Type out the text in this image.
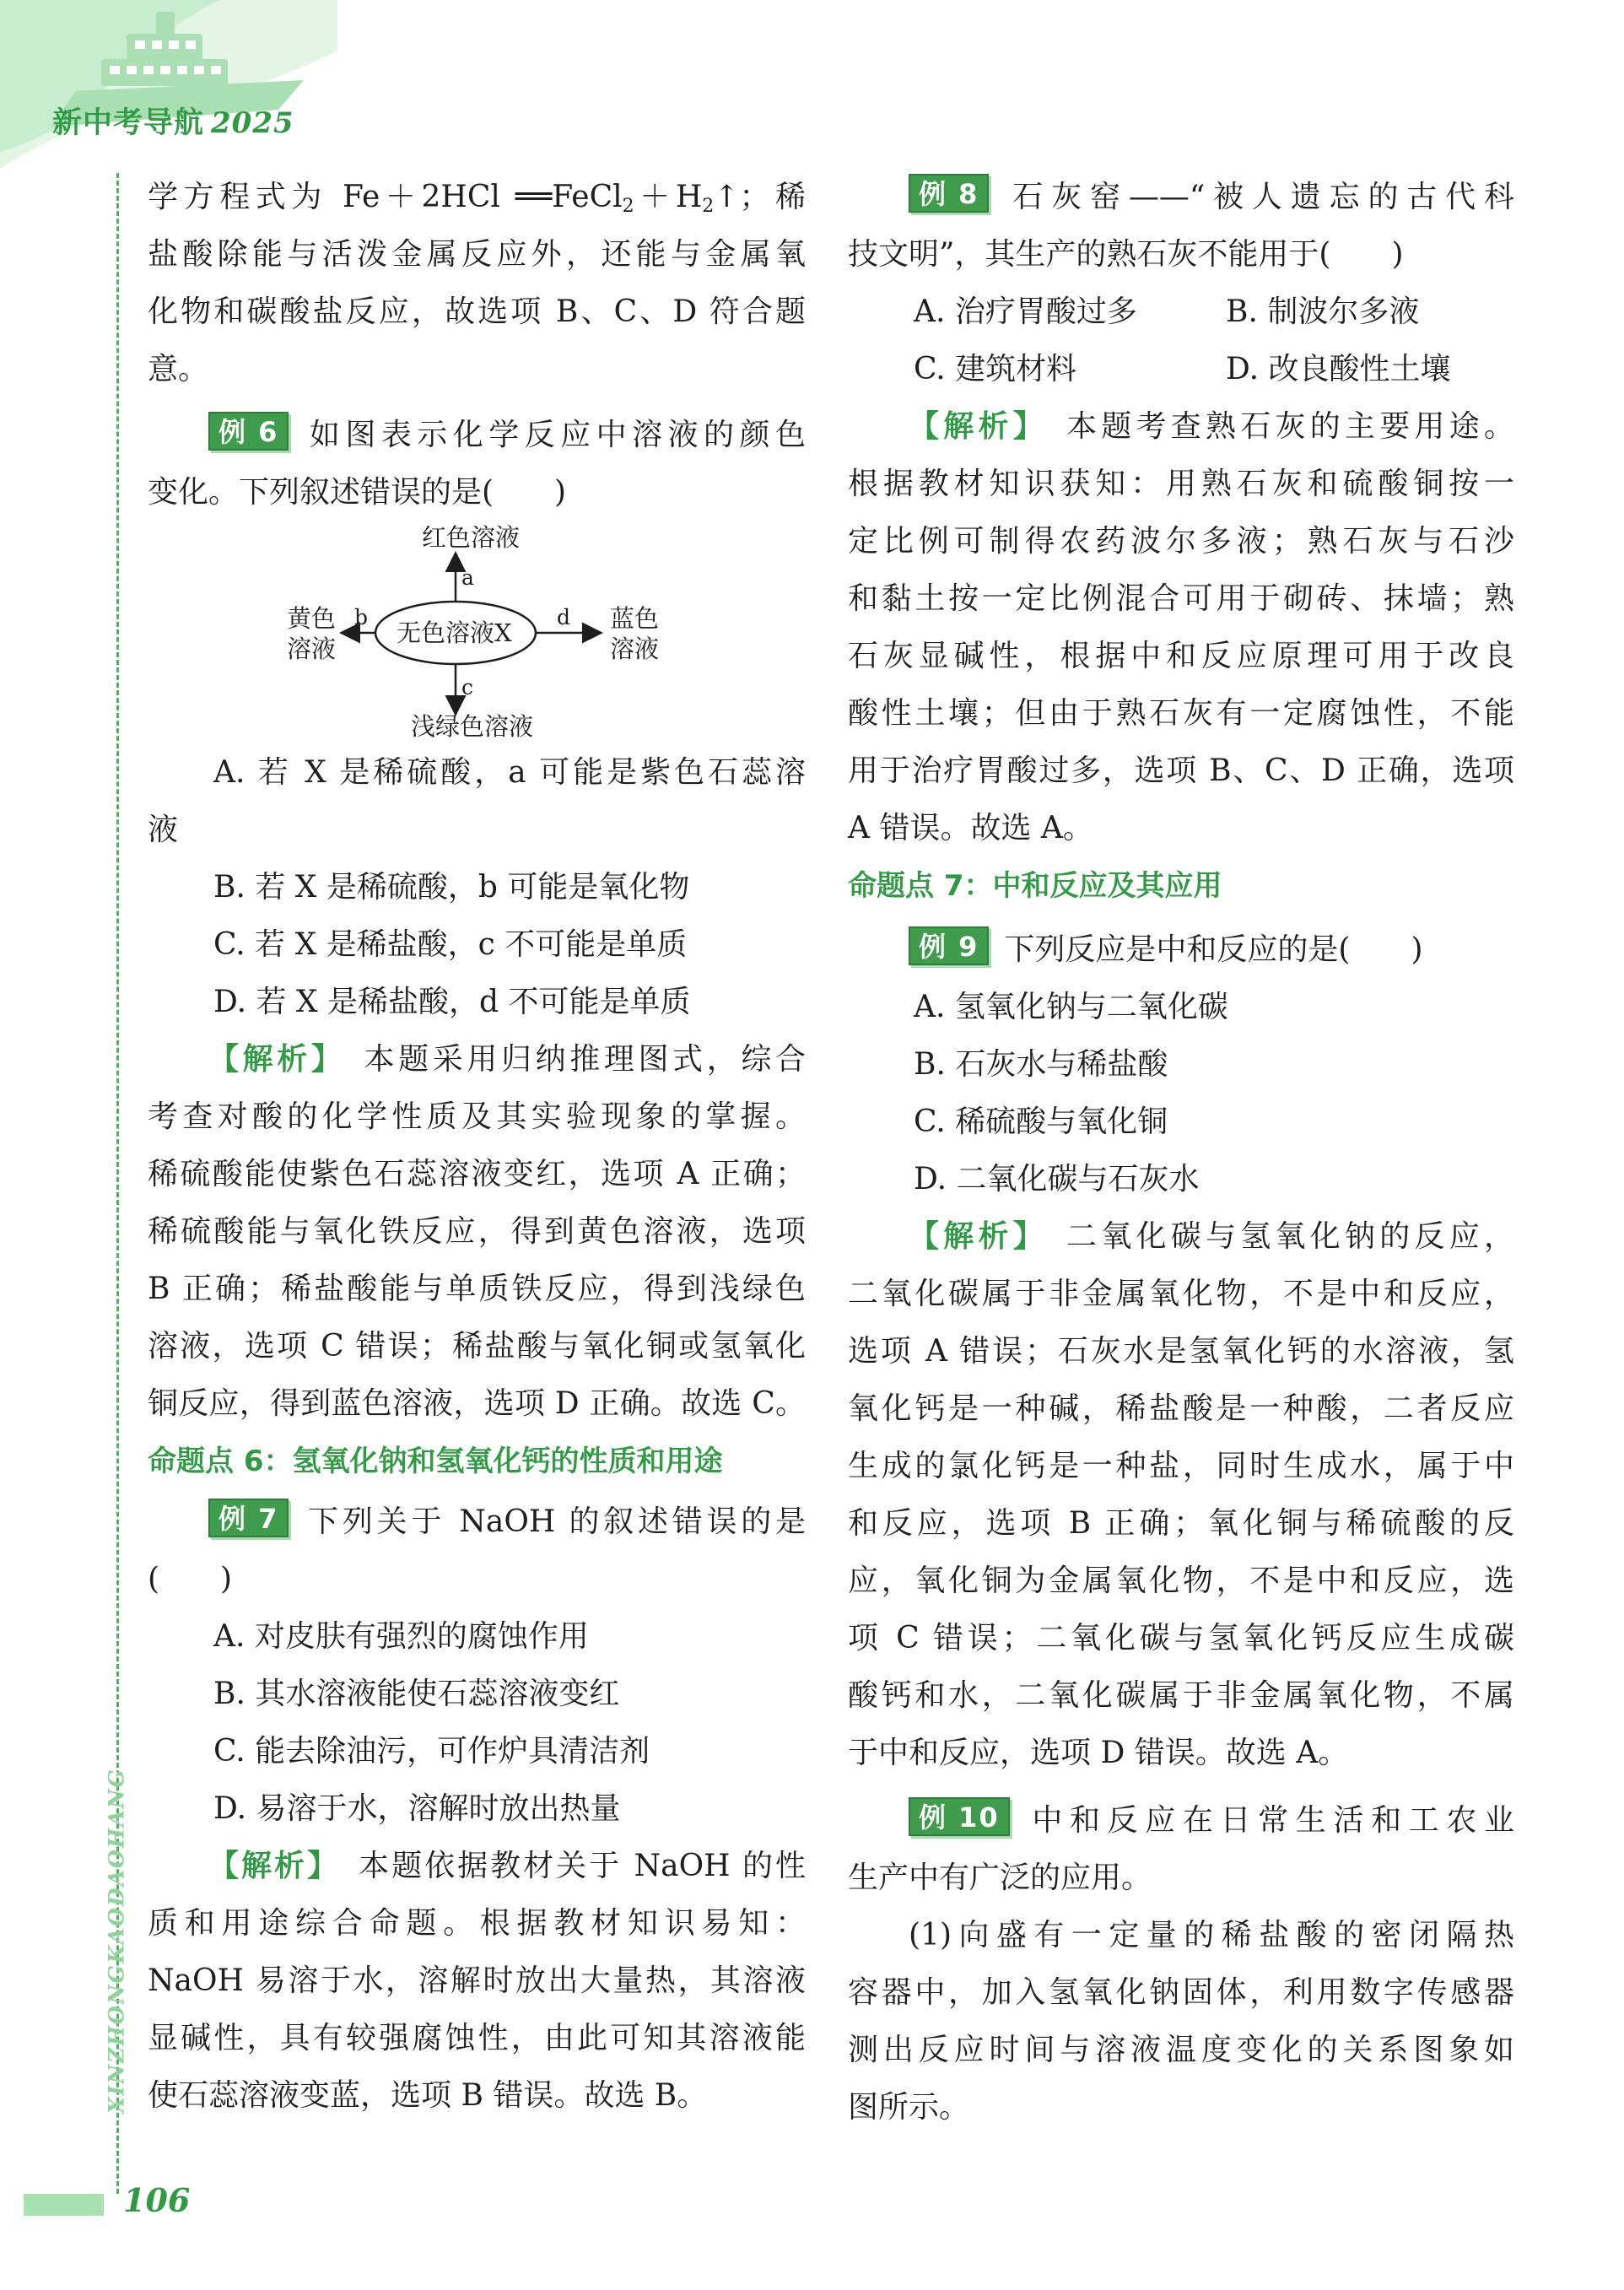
新中考导航 2025
XINZHONGKAODAOHANG
106
学方程式为 Fe＋2HCl $══FeCl_2+H_2↑$；稀
盐酸除能与活泼金属反应外，还能与金属氧
化物和碳酸盐反应，故选项 B、C、D 符合题
意。
例 6 如图表示化学反应中溶液的颜色
变化。下列叙述错误的是(　　)
红色溶液
a
无色溶液X
b
黄色
溶液
d 蓝色
溶液
c
浅绿色溶液
A. 若 X 是稀硫酸，a 可能是紫色石蕊溶
液
B. 若 X 是稀硫酸，b 可能是氧化物
C. 若 X 是稀盐酸，c 不可能是单质
D. 若 X 是稀盐酸，d 不可能是单质
【解析】 本题采用归纳推理图式，综合
考查对酸的化学性质及其实验现象的掌握。
稀硫酸能使紫色石蕊溶液变红，选项 A 正确；
稀硫酸能与氧化铁反应，得到黄色溶液，选项
B 正确；稀盐酸能与单质铁反应，得到浅绿色
溶液，选项 C 错误；稀盐酸与氧化铜或氢氧化
铜反应，得到蓝色溶液，选项 D 正确。故选 C。
命题点 6：氢氧化钠和氢氧化钙的性质和用途
例 7 下列关于 NaOH 的叙述错误的是
(　　)
A. 对皮肤有强烈的腐蚀作用
B. 其水溶液能使石蕊溶液变红
C. 能去除油污，可作炉具清洁剂
D. 易溶于水，溶解时放出热量
【解析】 本题依据教材关于 NaOH 的性
质和用途综合命题。根据教材知识易知：
NaOH 易溶于水，溶解时放出大量热，其溶液
显碱性，具有较强腐蚀性，由此可知其溶液能
使石蕊溶液变蓝，选项 B 错误。故选 B。
例 8 石灰窑——“被人遗忘的古代科
技文明”，其生产的熟石灰不能用于(　　)
A. 治疗胃酸过多	B. 制波尔多液
C. 建筑材料	D. 改良酸性土壤
【解析】 本题考查熟石灰的主要用途。
根据教材知识获知：用熟石灰和硫酸铜按一
定比例可制得农药波尔多液；熟石灰与石沙
和黏土按一定比例混合可用于砌砖、抹墙；熟
石灰显碱性，根据中和反应原理可用于改良
酸性土壤；但由于熟石灰有一定腐蚀性，不能
用于治疗胃酸过多，选项 B、C、D 正确，选项
A 错误。故选 A。
命题点 7：中和反应及其应用
例 9 下列反应是中和反应的是(　　)
A. 氢氧化钠与二氧化碳
B. 石灰水与稀盐酸
C. 稀硫酸与氧化铜
D. 二氧化碳与石灰水
【解析】 二氧化碳与氢氧化钠的反应，
二氧化碳属于非金属氧化物，不是中和反应，
选项 A 错误；石灰水是氢氧化钙的水溶液，氢
氧化钙是一种碱，稀盐酸是一种酸，二者反应
生成的氯化钙是一种盐，同时生成水，属于中
和反应，选项 B 正确；氧化铜与稀硫酸的反
应，氧化铜为金属氧化物，不是中和反应，选
项 C 错误；二氧化碳与氢氧化钙反应生成碳
酸钙和水，二氧化碳属于非金属氧化物，不属
于中和反应，选项 D 错误。故选 A。
例 10 中和反应在日常生活和工农业
生产中有广泛的应用。
(1)向盛有一定量的稀盐酸的密闭隔热
容器中，加入氢氧化钠固体，利用数字传感器
测出反应时间与溶液温度变化的关系图象如
图所示。
